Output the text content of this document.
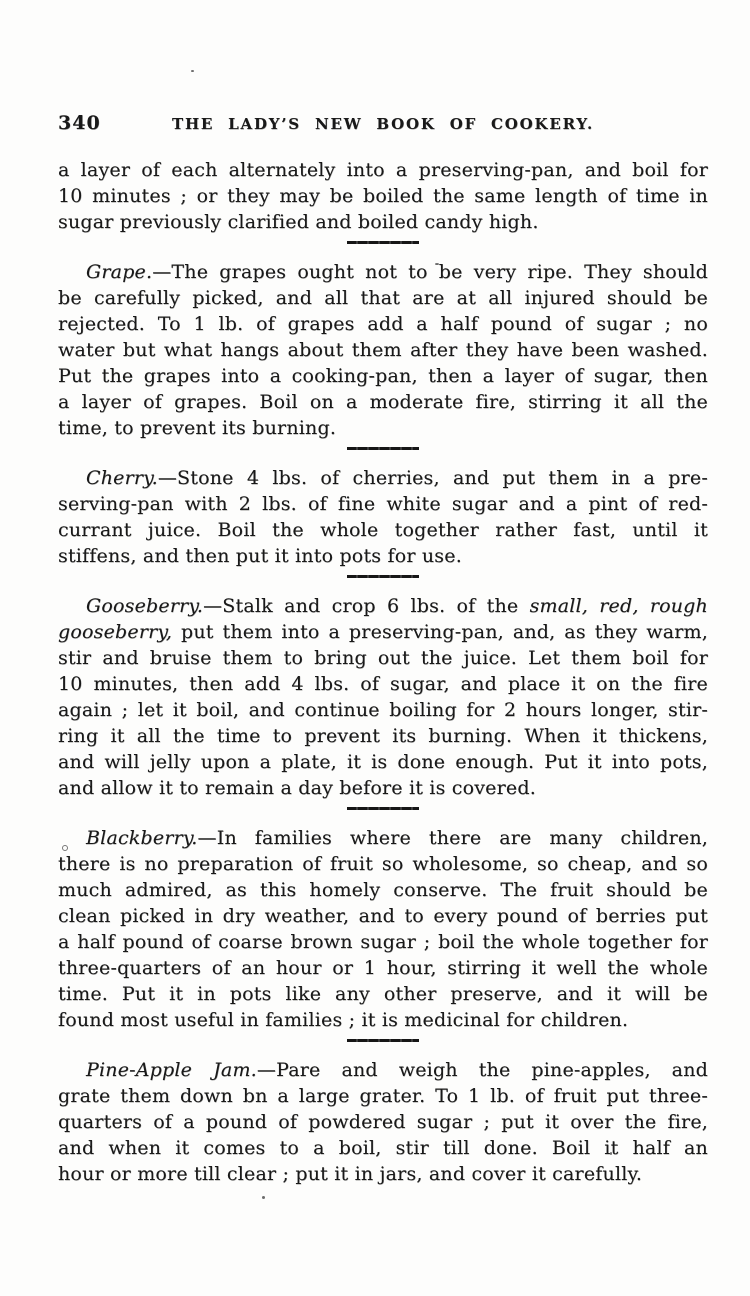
340	THE LADY’S NEW BOOK OF COOKERY.
a layer of each alternately into a preserving-pan, and boil for
10 minutes ; or they may be boiled the same length of time in
sugar previously clarified and boiled candy high.
Grape.—The grapes ought not to be very ripe. They should
be carefully picked, and all that are at all injured should be
rejected. To 1 lb. of grapes add a half pound of sugar ; no
water but what hangs about them after they have been washed.
Put the grapes into a cooking-pan, then a layer of sugar, then
a layer of grapes. Boil on a moderate fire, stirring it all the
time, to prevent its burning.
Cherry.—Stone 4 lbs. of cherries, and put them in a pre-
serving-pan with 2 lbs. of fine white sugar and a pint of red-
currant juice. Boil the whole together rather fast, until it
stiffens, and then put it into pots for use.
Gooseberry.—Stalk and crop 6 lbs. of the small, red, rough
gooseberry, put them into a preserving-pan, and, as they warm,
stir and bruise them to bring out the juice. Let them boil for
10 minutes, then add 4 lbs. of sugar, and place it on the fire
again ; let it boil, and continue boiling for 2 hours longer, stir-
ring it all the time to prevent its burning. When it thickens,
and will jelly upon a plate, it is done enough. Put it into pots,
and allow it to remain a day before it is covered.
Blackberry.—In families where there are many children,
there is no preparation of fruit so wholesome, so cheap, and so
much admired, as this homely conserve. The fruit should be
clean picked in dry weather, and to every pound of berries put
a half pound of coarse brown sugar ; boil the whole together for
three-quarters of an hour or 1 hour, stirring it well the whole
time. Put it in pots like any other preserve, and it will be
found most useful in families ; it is medicinal for children.
Pine-Apple Jam.—Pare and weigh the pine-apples, and
grate them down bn a large grater. To 1 lb. of fruit put three-
quarters of a pound of powdered sugar ; put it over the fire,
and when it comes to a boil, stir till done. Boil it half an
hour or more till clear ; put it in jars, and cover it carefully.
